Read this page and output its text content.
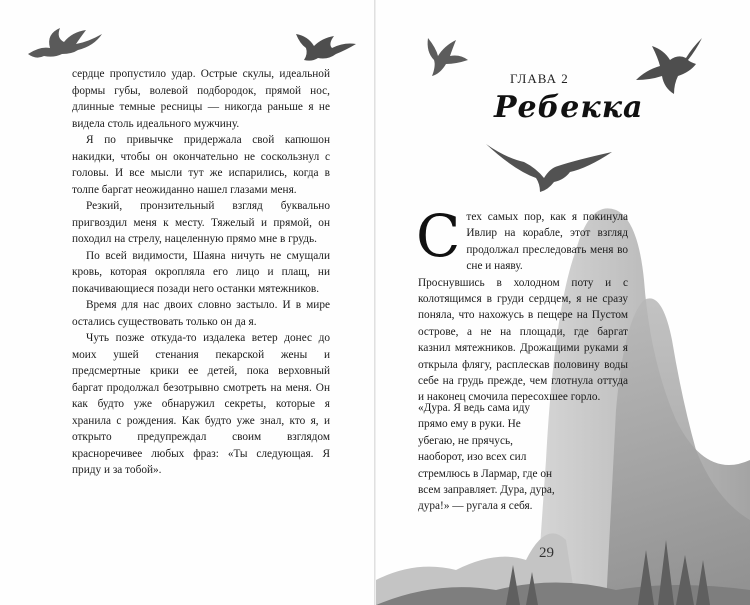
сердце пропустило удар. Острые скулы, идеальной формы губы, волевой подбородок, прямой нос, длинные темные ресницы — никогда раньше я не видела столь идеального мужчину.

Я по привычке придержала свой капюшон накидки, чтобы он окончательно не соскользнул с головы. И все мысли тут же испарились, когда в толпе баргат неожиданно нашел глазами меня.

Резкий, пронзительный взгляд буквально пригвоздил меня к месту. Тяжелый и прямой, он походил на стрелу, нацеленную прямо мне в грудь.

По всей видимости, Шаяна ничуть не смущали кровь, которая окропляла его лицо и плащ, ни покачивающиеся позади него останки мятежников.

Время для нас двоих словно застыло. И в мире остались существовать только он да я.

Чуть позже откуда-то издалека ветер донес до моих ушей стенания пекарской жены и предсмертные крики ее детей, пока верховный баргат продолжал безотрывно смотреть на меня. Он как будто уже обнаружил секреты, которые я хранила с рождения. Как будто уже знал, кто я, и открыто предупреждал своим взглядом красноречивее любых фраз: «Ты следующая. Я приду и за тобой».

ГЛАВА 2
Ребекка
С тех самых пор, как я покинула Ивлир на корабле, этот взгляд продолжал преследовать меня во сне и наяву.

Проснувшись в холодном поту и с колотящимся в груди сердцем, я не сразу поняла, что нахожусь в пещере на Пустом острове, а не на площади, где баргат казнил мятежников. Дрожащими руками я открыла флягу, расплескав половину воды себе на грудь прежде, чем глотнула оттуда и наконец смочила пересохшее горло.

«Дура. Я ведь сама иду прямо ему в руки. Не убегаю, не прячусь, наоборот, изо всех сил стремлюсь в Лармар, где он всем заправляет. Дура, дура, дура!» — ругала я себя.
29
